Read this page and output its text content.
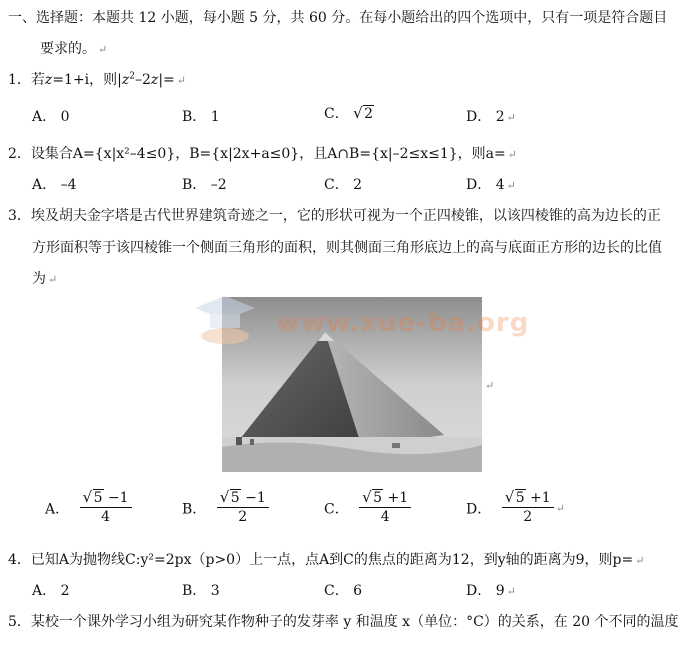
一、选择题：本题共 12 小题，每小题 5 分，共 60 分。在每小题给出的四个选项中，只有一项是符合题目
要求的。 ↵
1．若z=1+i，则$|z^2-2z|=$ ↵
A． 0	B． 1	C． √ 2	D． 2 ↵
2．设集合A={x|x²–4≤0}，B={x|2x+a≤0}，且A∩B={x|–2≤x≤1}，则a= ↵
A． –4	B． –2	C． 2	D． 4 ↵
3．埃及胡夫金字塔是古代世界建筑奇迹之一，它的形状可视为一个正四棱锥，以该四棱锥的高为边长的正
方形面积等于该四棱锥一个侧面三角形的面积，则其侧面三角形底边上的高与底面正方形的边长的比值
为 ↵
www.xue-ba.org
↵
A． $\frac{√ 5 -1}{4}$	B． $\frac{√ 5 -1}{2}$	C． $\frac{√ 5 +1}{4}$	D． $\frac{√ 5 +1}{2}$ ↵
4．已知A为抛物线C:y²=2px（p>0）上一点，点A到C的焦点的距离为12，到y轴的距离为9，则p= ↵
A． 2	B． 3	C． 6	D． 9 ↵
5．某校一个课外学习小组为研究某作物种子的发芽率 y 和温度 x（单位：°C）的关系，在 20 个不同的温度
